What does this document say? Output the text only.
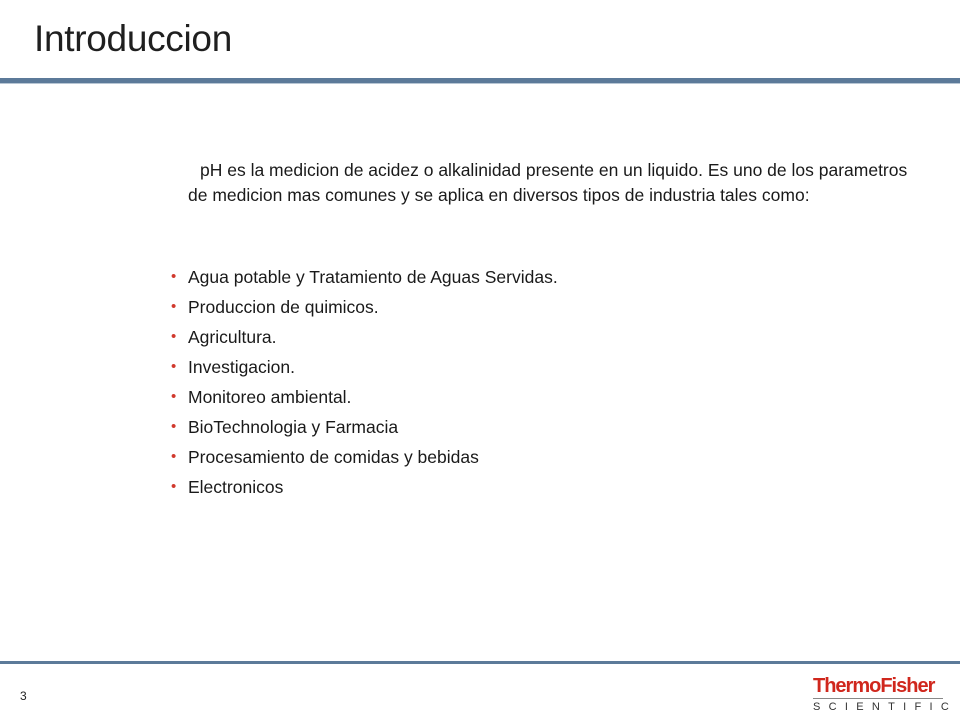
Introduccion
pH es la medicion de acidez o alkalinidad presente en un liquido. Es uno de los parametros de medicion mas comunes y se aplica en diversos tipos de industria tales como:
• Agua potable y Tratamiento de Aguas Servidas.
• Produccion de quimicos.
• Agricultura.
• Investigacion.
• Monitoreo ambiental.
• BioTechnologia y Farmacia
• Procesamiento de comidas y bebidas
• Electronicos
3	ThermoFisher
SCIENTIFIC
